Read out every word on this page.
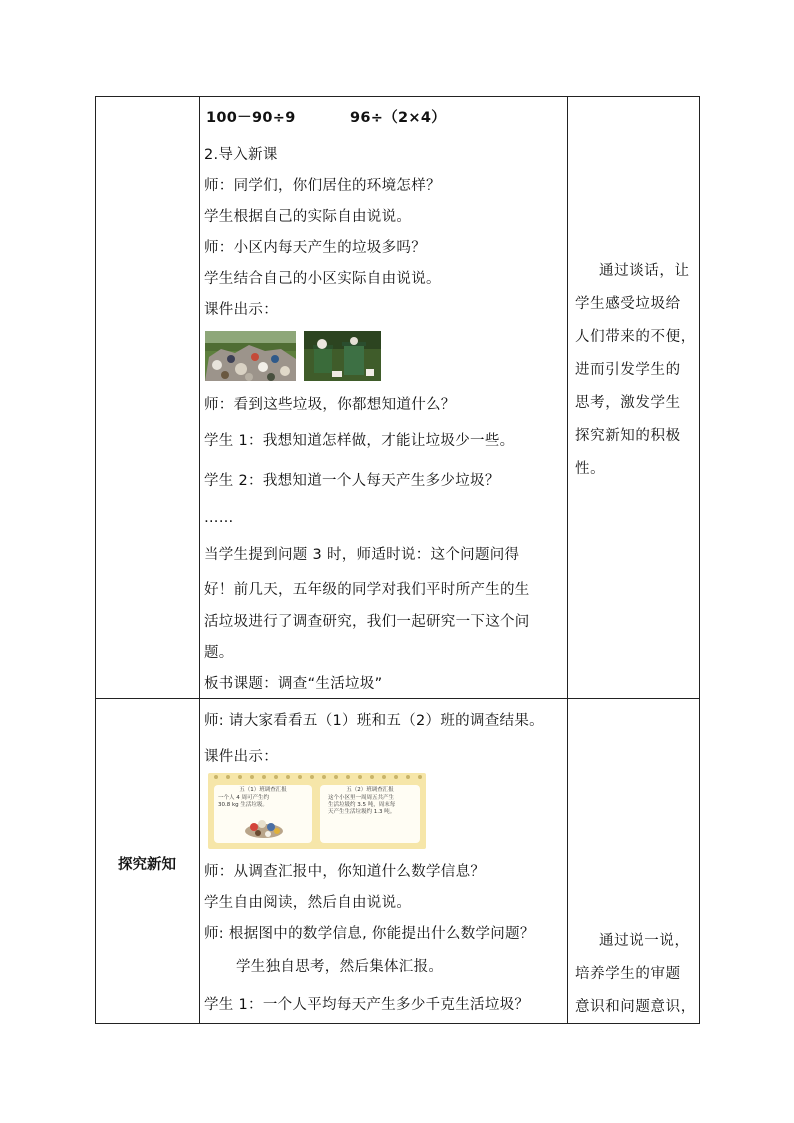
100－90÷9	96÷（2×4）
2.导入新课
师：同学们，你们居住的环境怎样？
学生根据自己的实际自由说说。
师：小区内每天产生的垃圾多吗？
学生结合自己的小区实际自由说说。
课件出示：
师：看到这些垃圾，你都想知道什么？
学生 1：我想知道怎样做，才能让垃圾少一些。
学生 2：我想知道一个人每天产生多少垃圾？
……
当学生提到问题 3 时，师适时说：这个问题问得
好！前几天，五年级的同学对我们平时所产生的生
活垃圾进行了调查研究，我们一起研究一下这个问
题。
板书课题：调查“生活垃圾”
通过谈话，让
学生感受垃圾给
人们带来的不便，
进而引发学生的
思考，激发学生
探究新知的积极
性。
探究新知
师: 请大家看看五（1）班和五（2）班的调查结果。
课件出示：
五（1）班调查汇报
一个人 4 周可产生约 30.8 kg 生活垃圾。
五（2）班调查汇报
这个小区里一周周五共产生生活垃圾约 3.5 吨，周末每天产生生活垃圾约 1.3 吨。
师：从调查汇报中，你知道什么数学信息？
学生自由阅读，然后自由说说。
师: 根据图中的数学信息, 你能提出什么数学问题？
学生独自思考，然后集体汇报。
学生 1：一个人平均每天产生多少千克生活垃圾？
通过说一说，
培养学生的审题
意识和问题意识，
